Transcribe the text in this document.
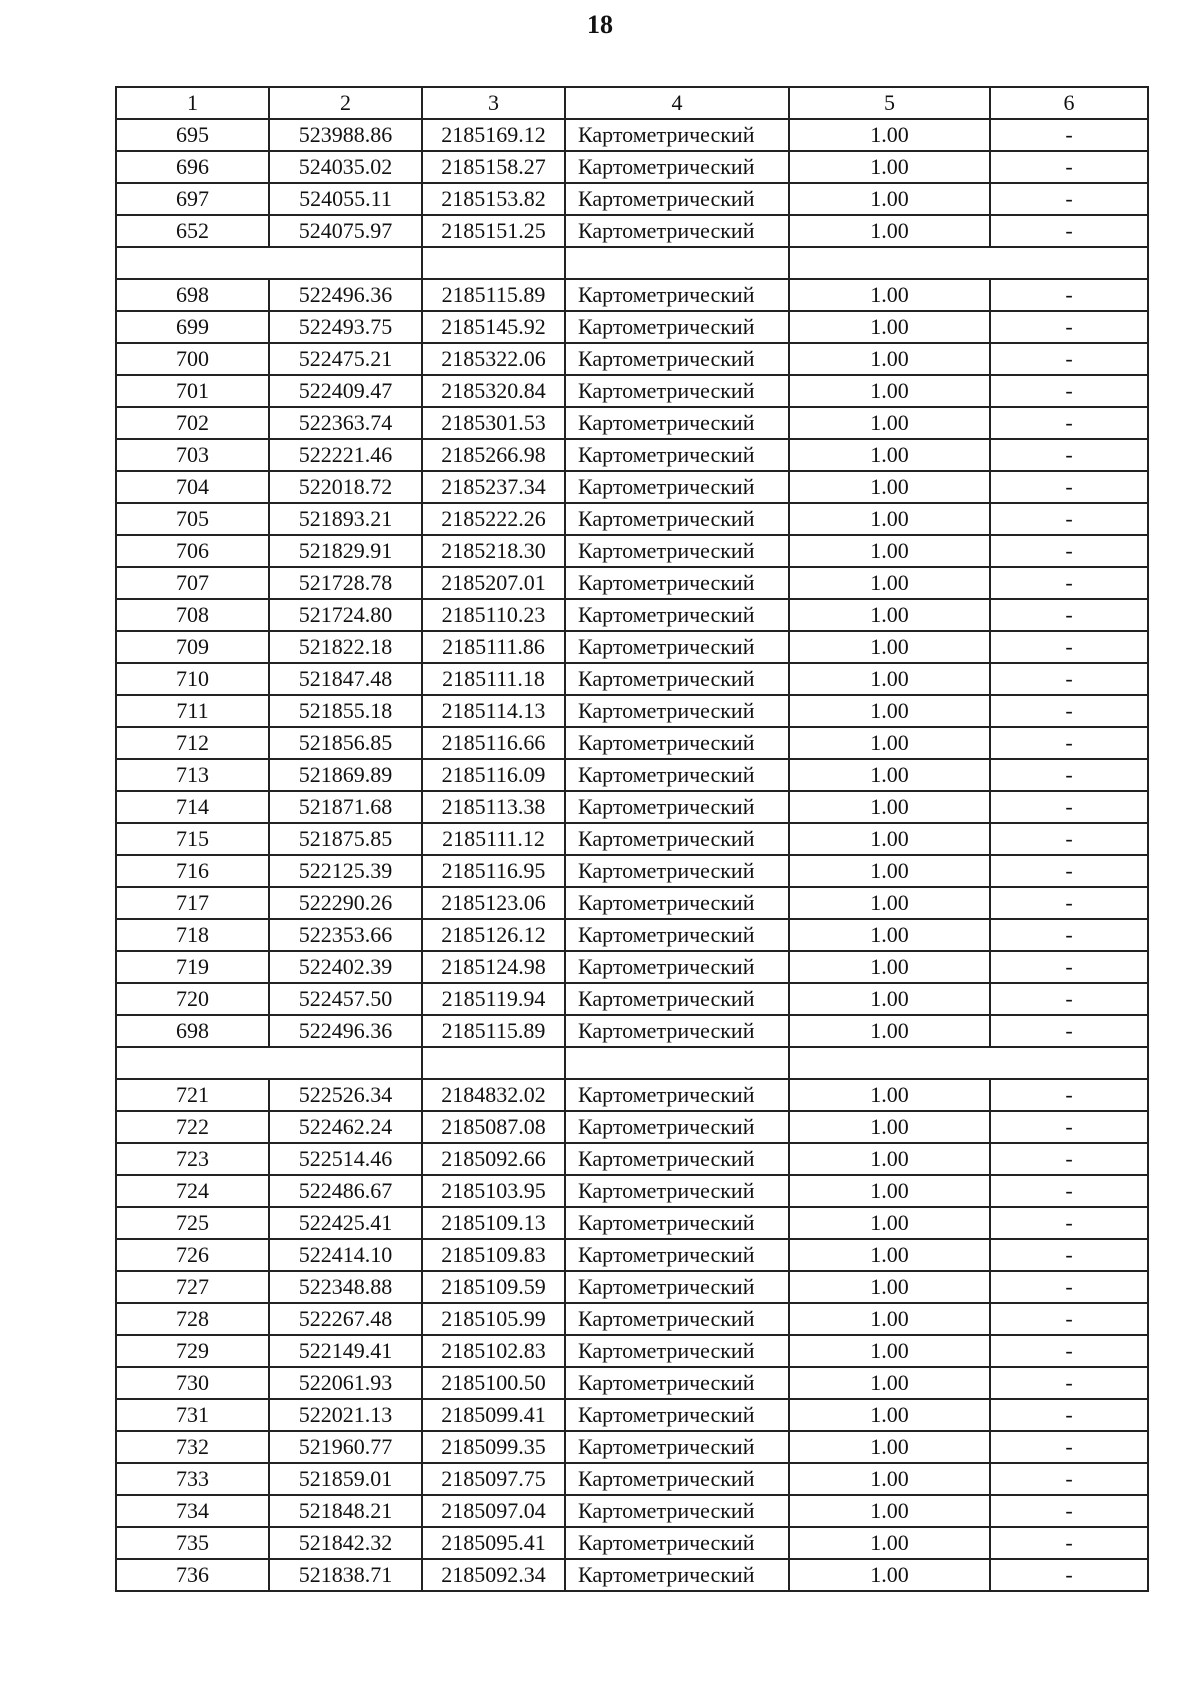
18
1	2	3	4	5	6
695	523988.86	2185169.12	Картометрический	1.00	-
696	524035.02	2185158.27	Картометрический	1.00	-
697	524055.11	2185153.82	Картометрический	1.00	-
652	524075.97	2185151.25	Картометрический	1.00	-

698	522496.36	2185115.89	Картометрический	1.00	-
699	522493.75	2185145.92	Картометрический	1.00	-
700	522475.21	2185322.06	Картометрический	1.00	-
701	522409.47	2185320.84	Картометрический	1.00	-
702	522363.74	2185301.53	Картометрический	1.00	-
703	522221.46	2185266.98	Картометрический	1.00	-
704	522018.72	2185237.34	Картометрический	1.00	-
705	521893.21	2185222.26	Картометрический	1.00	-
706	521829.91	2185218.30	Картометрический	1.00	-
707	521728.78	2185207.01	Картометрический	1.00	-
708	521724.80	2185110.23	Картометрический	1.00	-
709	521822.18	2185111.86	Картометрический	1.00	-
710	521847.48	2185111.18	Картометрический	1.00	-
711	521855.18	2185114.13	Картометрический	1.00	-
712	521856.85	2185116.66	Картометрический	1.00	-
713	521869.89	2185116.09	Картометрический	1.00	-
714	521871.68	2185113.38	Картометрический	1.00	-
715	521875.85	2185111.12	Картометрический	1.00	-
716	522125.39	2185116.95	Картометрический	1.00	-
717	522290.26	2185123.06	Картометрический	1.00	-
718	522353.66	2185126.12	Картометрический	1.00	-
719	522402.39	2185124.98	Картометрический	1.00	-
720	522457.50	2185119.94	Картометрический	1.00	-
698	522496.36	2185115.89	Картометрический	1.00	-

721	522526.34	2184832.02	Картометрический	1.00	-
722	522462.24	2185087.08	Картометрический	1.00	-
723	522514.46	2185092.66	Картометрический	1.00	-
724	522486.67	2185103.95	Картометрический	1.00	-
725	522425.41	2185109.13	Картометрический	1.00	-
726	522414.10	2185109.83	Картометрический	1.00	-
727	522348.88	2185109.59	Картометрический	1.00	-
728	522267.48	2185105.99	Картометрический	1.00	-
729	522149.41	2185102.83	Картометрический	1.00	-
730	522061.93	2185100.50	Картометрический	1.00	-
731	522021.13	2185099.41	Картометрический	1.00	-
732	521960.77	2185099.35	Картометрический	1.00	-
733	521859.01	2185097.75	Картометрический	1.00	-
734	521848.21	2185097.04	Картометрический	1.00	-
735	521842.32	2185095.41	Картометрический	1.00	-
736	521838.71	2185092.34	Картометрический	1.00	-
